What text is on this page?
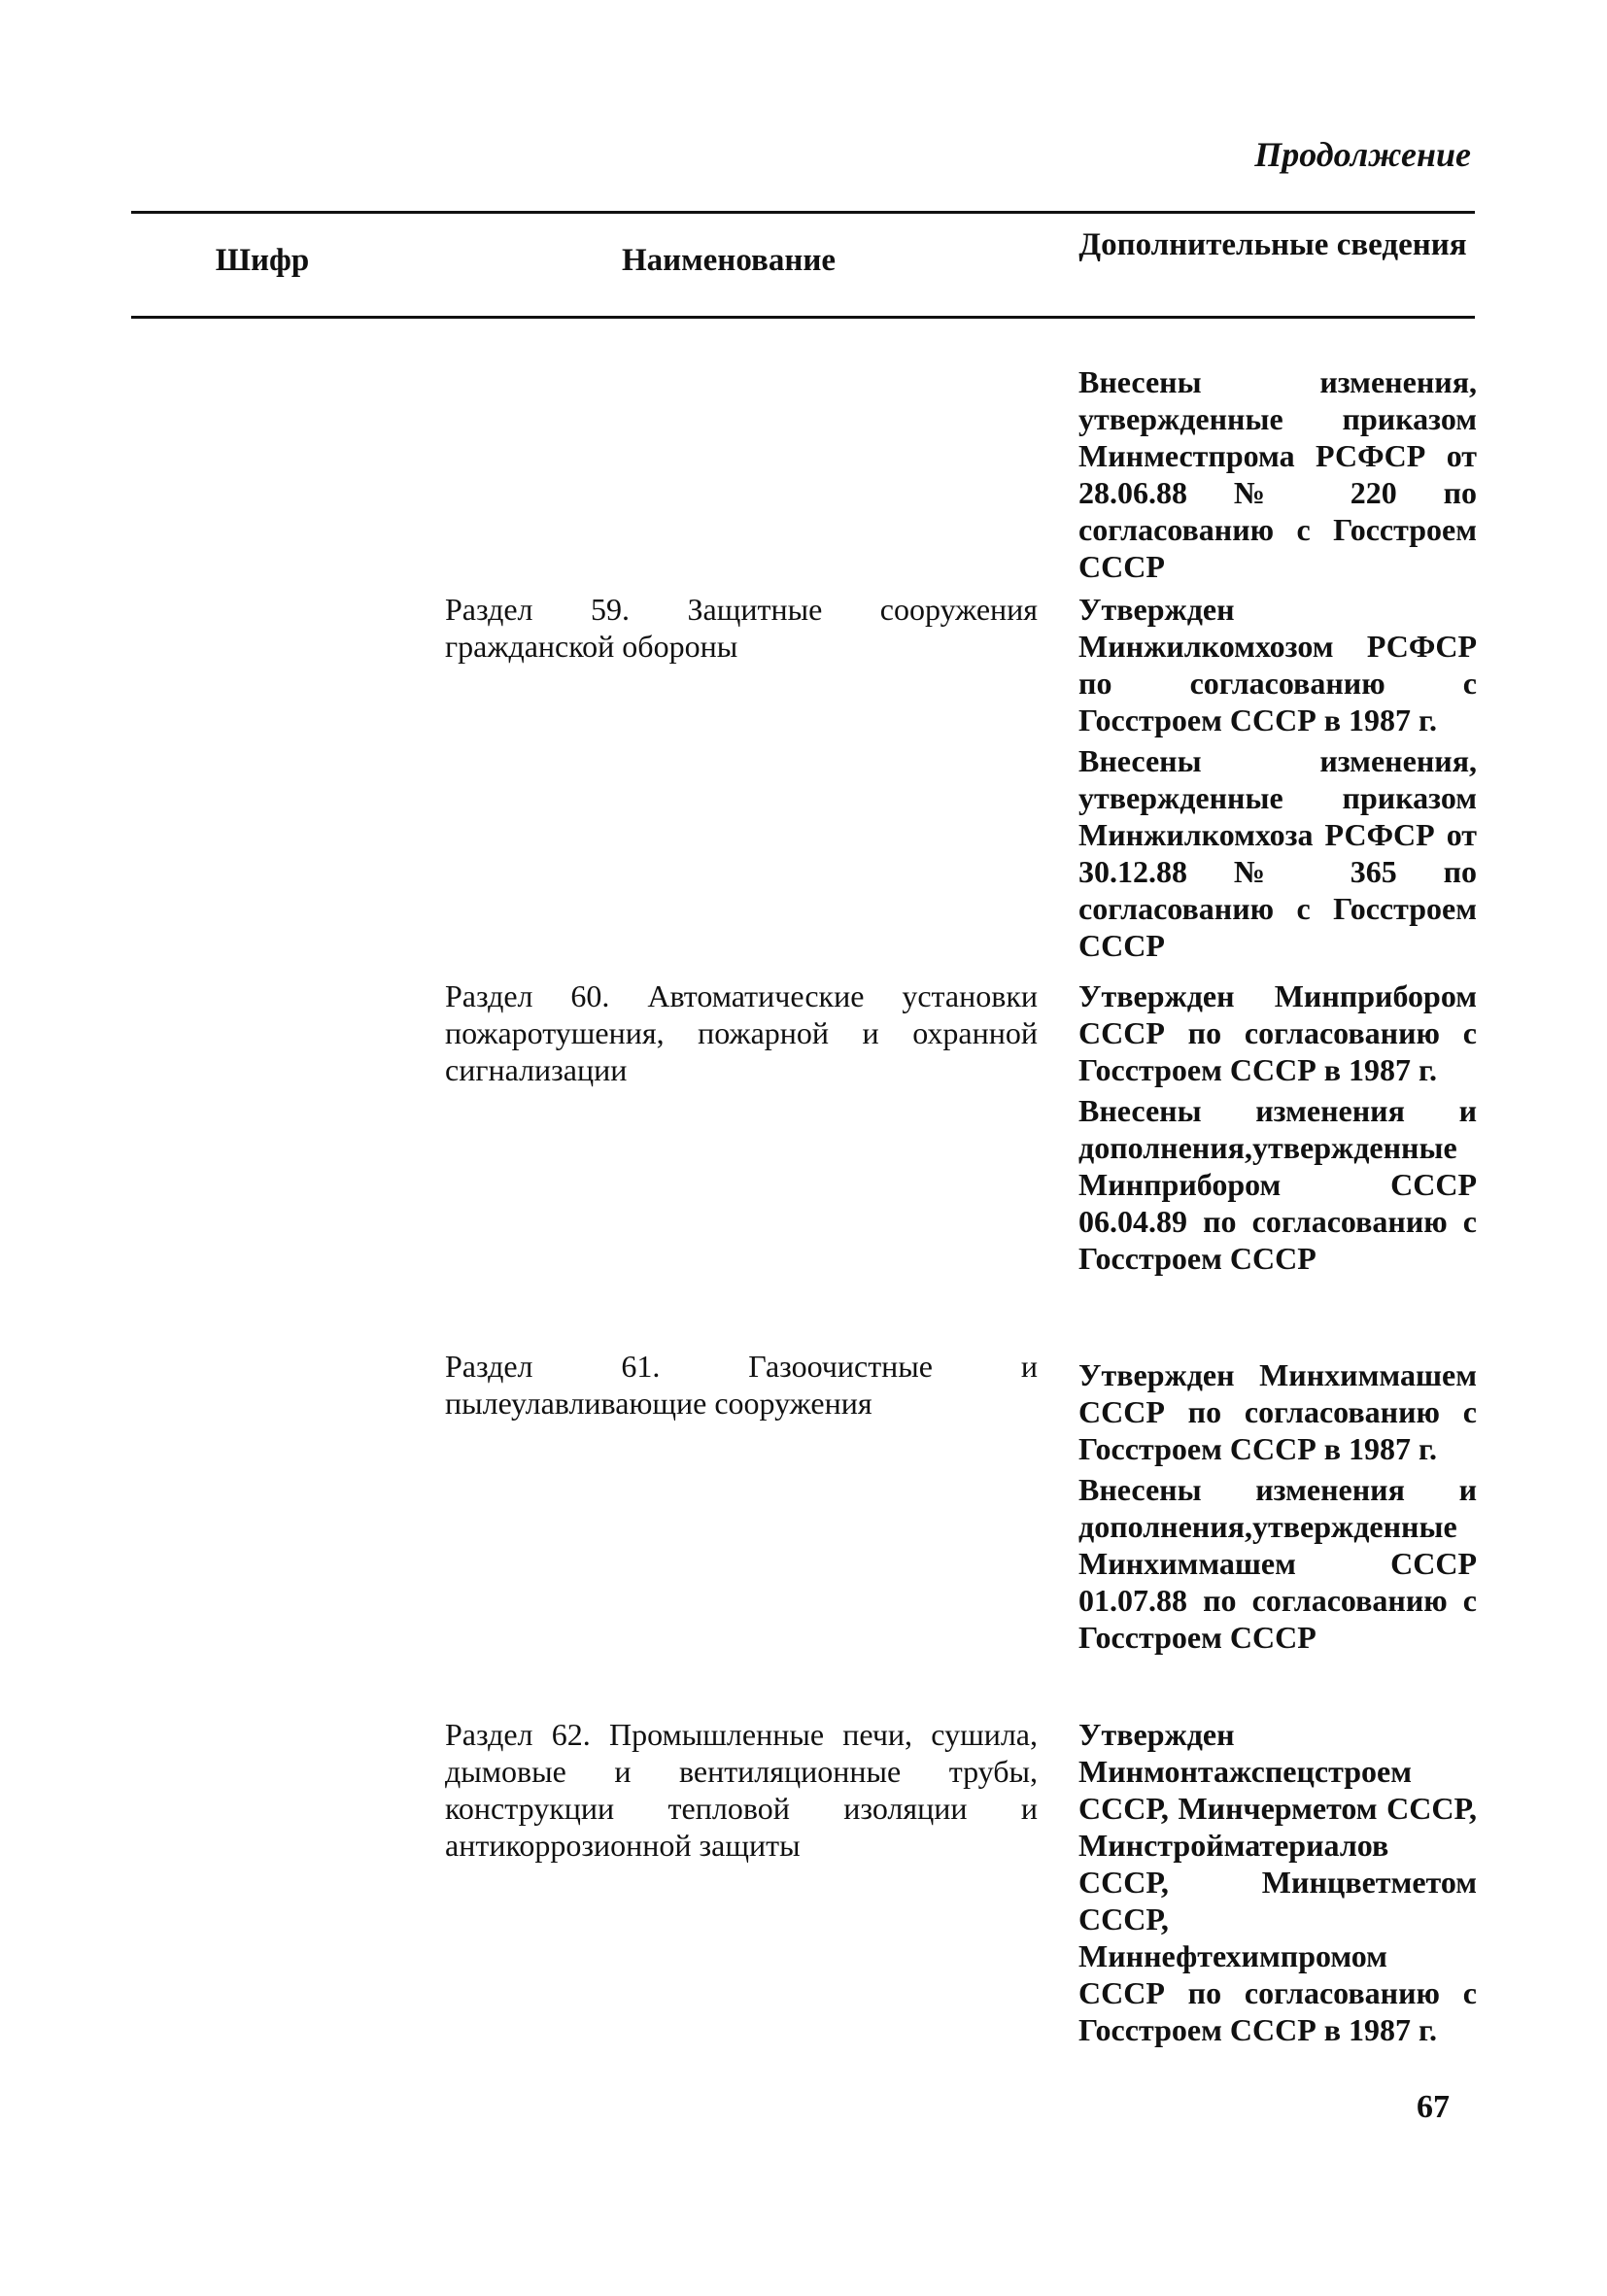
Продолжение
Шифр	Наименование	Дополнительные сведения
Внесены изменения, утвержденные приказом Минместпрома РСФСР от 28.06.88 № 220 по согласованию с Госстроем СССР
Раздел 59. Защитные сооружения гражданской обороны
Утвержден Минжилкомхозом РСФСР по согласованию с Госстроем СССР в 1987 г.
Внесены изменения, утвержденные приказом Минжилкомхоза РСФСР от 30.12.88 № 365 по согласованию с Госстроем СССР
Раздел 60. Автоматические установки пожаротушения, пожарной и охранной сигнализации
Утвержден Минприбором СССР по согласованию с Госстроем СССР в 1987 г.
Внесены изменения и дополнения,утвержденные Минприбором СССР 06.04.89 по согласованию с Госстроем СССР
Раздел 61. Газоочистные и пылеулавливающие сооружения
Утвержден Минхиммашем СССР по согласованию с Госстроем СССР в 1987 г.
Внесены изменения и дополнения,утвержденные Минхиммашем СССР 01.07.88 по согласованию с Госстроем СССР
Раздел 62. Промышленные печи, сушила, дымовые и вентиляционные трубы, конструкции тепловой изоляции и антикоррозионной защиты
Утвержден Минмонтажспецстроем СССР, Минчерметом СССР, Минстройматериалов СССР, Минцветметом СССР, Миннефтехимпромом СССР по согласованию с Госстроем СССР в 1987 г.
67
